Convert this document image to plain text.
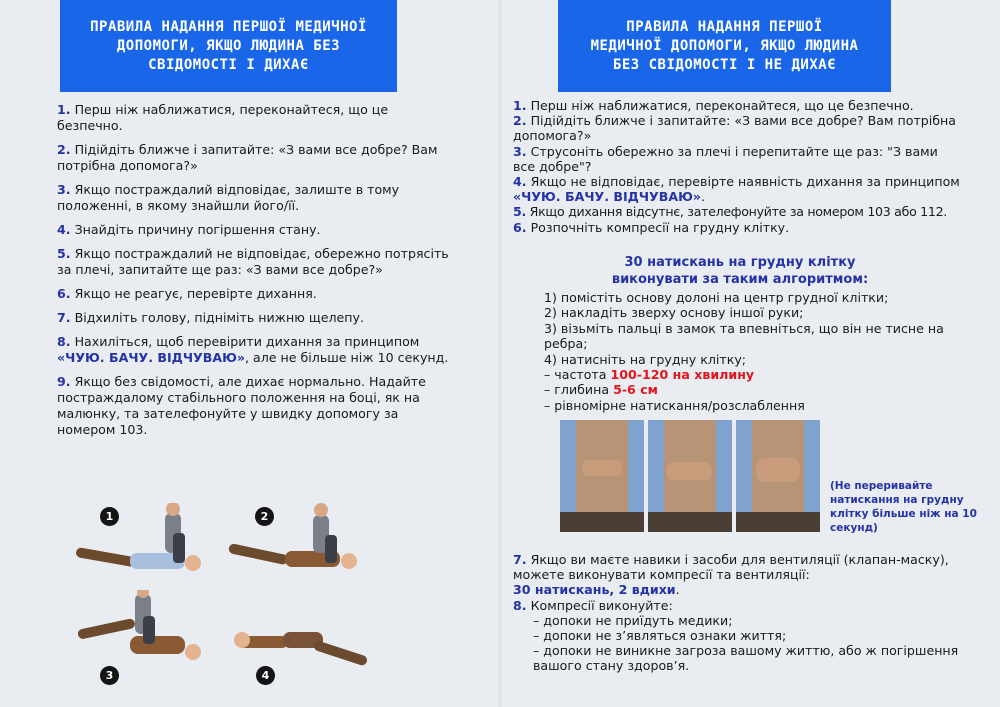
ПРАВИЛА НАДАННЯ ПЕРШОЇ МЕДИЧНОЇ
ДОПОМОГИ, ЯКЩО ЛЮДИНА БЕЗ
СВІДОМОСТІ І ДИХАЄ
1. Перш ніж наближатися, переконайтеся, що це безпечно.
2. Підійдіть ближче і запитайте: «З вами все добре? Вам потрібна допомога?»
3. Якщо постраждалий відповідає, залиште в тому положенні, в якому знайшли його/її.
4. Знайдіть причину погіршення стану.
5. Якщо постраждалий не відповідає, обережно потрясіть за плечі, запитайте ще раз: «З вами все добре?»
6. Якщо не реагує, перевірте дихання.
7. Відхиліть голову, підніміть нижню щелепу.
8. Нахиліться, щоб перевірити дихання за принципом «ЧУЮ. БАЧУ. ВІДЧУВАЮ», але не більше ніж 10 секунд.
9. Якщо без свідомості, але дихає нормально. Надайте постраждалому стабільного положення на боці, як на малюнку, та зателефонуйте у швидку допомогу за номером 103.
1	2
3	4
ПРАВИЛА НАДАННЯ ПЕРШОЇ
МЕДИЧНОЇ ДОПОМОГИ, ЯКЩО ЛЮДИНА
БЕЗ СВІДОМОСТІ І НЕ ДИХАЄ
1. Перш ніж наближатися, переконайтеся, що це безпечно.
2. Підійдіть ближче і запитайте: «З вами все добре? Вам потрібна допомога?»
3. Струсоніть обережно за плечі і перепитайте ще раз: "З вами все добре"?
4. Якщо не відповідає, перевірте наявність дихання за принципом «ЧУЮ. БАЧУ. ВІДЧУВАЮ».
5. Якщо дихання відсутнє, зателефонуйте за номером 103 або 112.
6. Розпочніть компресії на грудну клітку.
30 натискань на грудну клітку
виконувати за таким алгоритмом:
1) помістіть основу долоні на центр грудної клітки;
2) накладіть зверху основу іншої руки;
3) візьміть пальці в замок та впевніться, що він не тисне на ребра;
4) натисніть на грудну клітку;
– частота 100-120 на хвилину
– глибина 5-6 см
– рівномірне натискання/розслаблення
(Не переривайте натискання на грудну клітку більше ніж на 10 секунд)
7. Якщо ви маєте навики і засоби для вентиляції (клапан-маску), можете виконувати компресії та вентиляції:
30 натискань, 2 вдихи.
8. Компресії виконуйте:
– допоки не приїдуть медики;
– допоки не з’являться ознаки життя;
– допоки не виникне загроза вашому життю, або ж погіршення вашого стану здоров’я.
